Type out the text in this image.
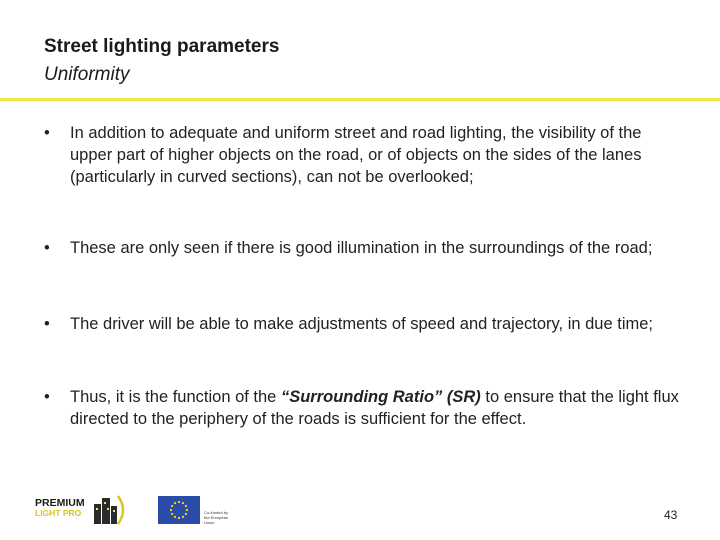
Street lighting parameters
Uniformity
•	In addition to adequate and uniform street and road lighting, the visibility of the upper part of higher objects on the road, or of objects on the sides of the lanes (particularly in curved sections), can not be overlooked;
•	These are only seen if there is good illumination in the surroundings of the road;
•	The driver will be able to make adjustments of speed and trajectory, in due time;
•	Thus, it is the function of the “Surrounding Ratio” (SR) to ensure that the light flux directed to the periphery of the roads is sufficient for the effect.
PREMIUM
LIGHT PRO	Co-funded by the European Union
43
